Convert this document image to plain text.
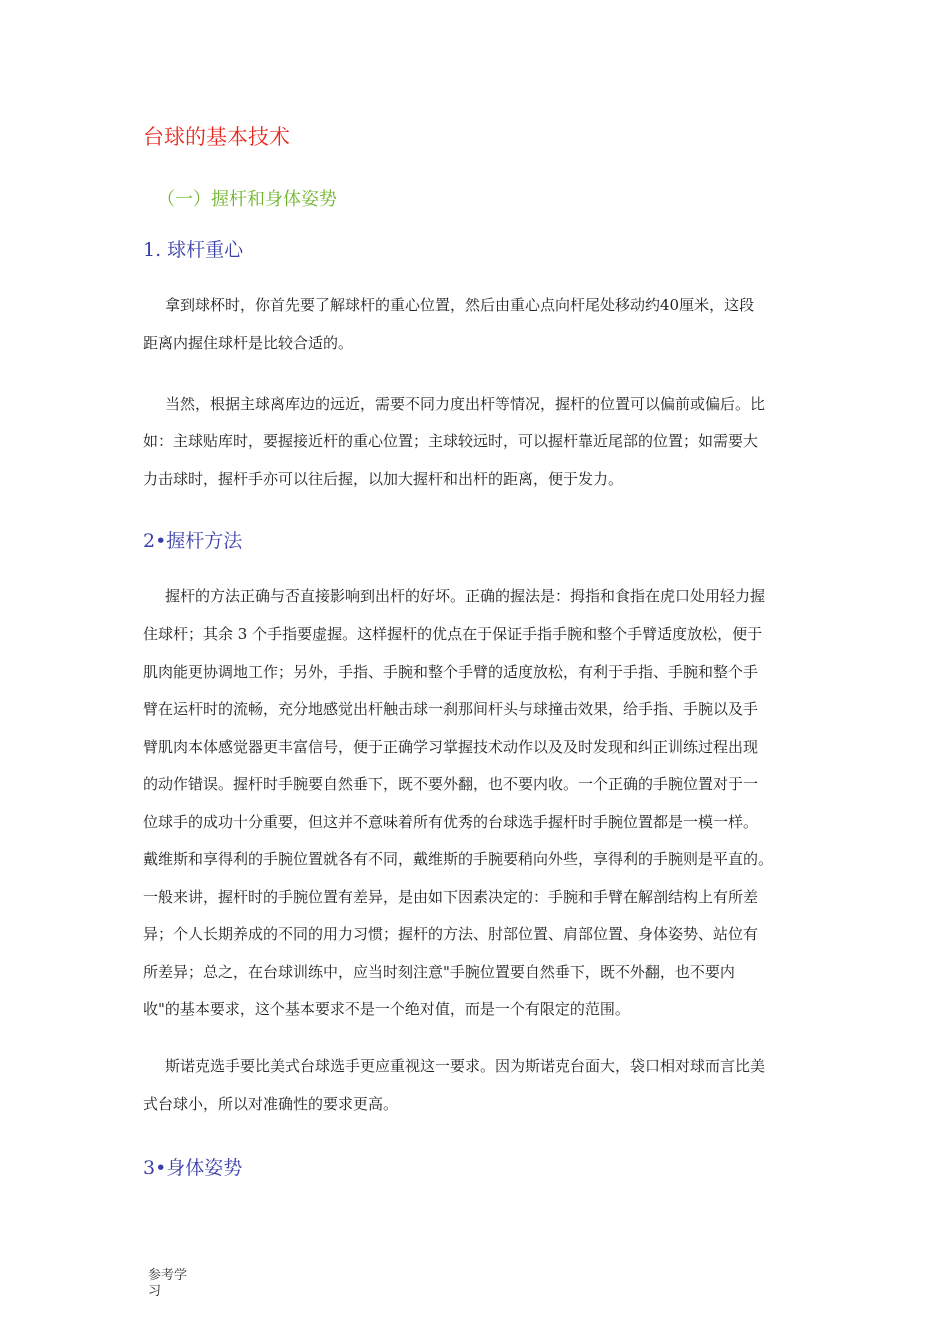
台球的基本技术
（一）握杆和身体姿势
1. 球杆重心
拿到球杯时，你首先要了解球杆的重心位置，然后由重心点向杆尾处移动约40厘米，这段
距离内握住球杆是比较合适的。
当然，根据主球离库边的远近，需要不同力度出杆等情况，握杆的位置可以偏前或偏后。比
如：主球贴库时，要握接近杆的重心位置；主球较远时，可以握杆靠近尾部的位置；如需要大
力击球时，握杆手亦可以往后握，以加大握杆和出杆的距离，便于发力。
2•握杆方法
握杆的方法正确与否直接影响到出杆的好坏。正确的握法是：拇指和食指在虎口处用轻力握
住球杆；其余 3 个手指要虚握。这样握杆的优点在于保证手指手腕和整个手臂适度放松，便于
肌肉能更协调地工作；另外，手指、手腕和整个手臂的适度放松，有利于手指、手腕和整个手
臂在运杆时的流畅，充分地感觉出杆触击球一刹那间杆头与球撞击效果，给手指、手腕以及手
臂肌肉本体感觉器更丰富信号，便于正确学习掌握技术动作以及及时发现和纠正训练过程出现
的动作错误。握杆时手腕要自然垂下，既不要外翻，也不要内收。一个正确的手腕位置对于一
位球手的成功十分重要，但这并不意味着所有优秀的台球选手握杆时手腕位置都是一模一样。
戴维斯和享得利的手腕位置就各有不同，戴维斯的手腕要稍向外些，享得利的手腕则是平直的。
一般来讲，握杆时的手腕位置有差异，是由如下因素决定的：手腕和手臂在解剖结构上有所差
异；个人长期养成的不同的用力习惯；握杆的方法、肘部位置、肩部位置、身体姿势、站位有
所差异；总之，在台球训练中，应当时刻注意"手腕位置要自然垂下，既不外翻，也不要内
收"的基本要求，这个基本要求不是一个绝对值，而是一个有限定的范围。
斯诺克选手要比美式台球选手更应重视这一要求。因为斯诺克台面大，袋口相对球而言比美
式台球小，所以对准确性的要求更高。
3•身体姿势
参考学
习
